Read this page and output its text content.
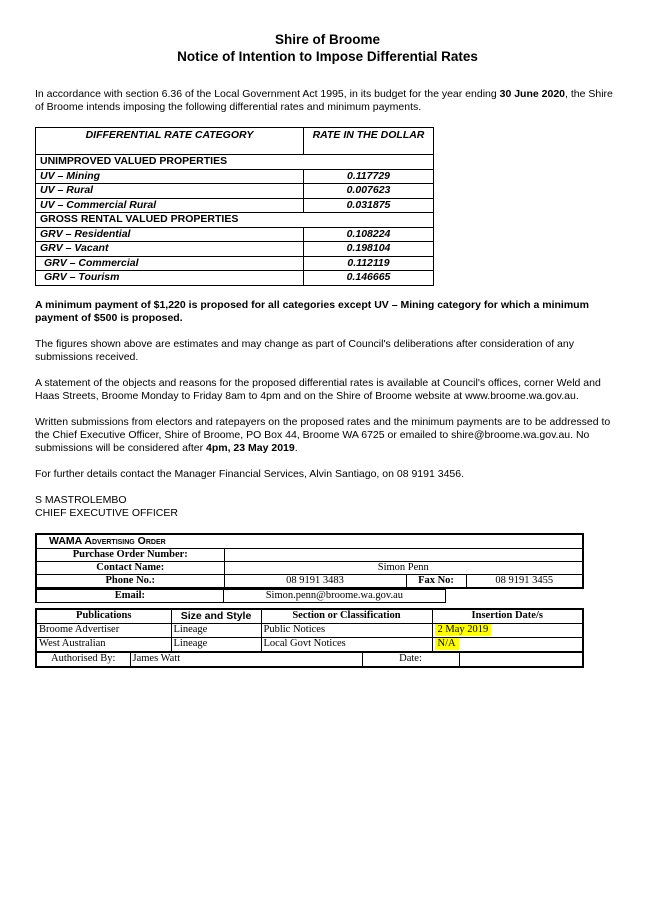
Shire of Broome
Notice of Intention to Impose Differential Rates

In accordance with section 6.36 of the Local Government Act 1995, in its budget for the year ending 30 June 2020, the Shire of Broome intends imposing the following differential rates and minimum payments.

DIFFERENTIAL RATE CATEGORY	RATE IN THE DOLLAR
UNIMPROVED VALUED PROPERTIES	
UV – Mining	0.117729
UV – Rural	0.007623
UV – Commercial Rural	0.031875
GROSS RENTAL VALUED PROPERTIES	
GRV – Residential	0.108224
GRV – Vacant	0.198104
GRV – Commercial	0.112119
GRV – Tourism	0.146665

A minimum payment of $1,220 is proposed for all categories except UV – Mining category for which a minimum payment of $500 is proposed.

The figures shown above are estimates and may change as part of Council's deliberations after consideration of any submissions received.

A statement of the objects and reasons for the proposed differential rates is available at Council's offices, corner Weld and Haas Streets, Broome Monday to Friday 8am to 4pm and on the Shire of Broome website at www.broome.wa.gov.au.

Written submissions from electors and ratepayers on the proposed rates and the minimum payments are to be addressed to the Chief Executive Officer, Shire of Broome, PO Box 44, Broome WA 6725 or emailed to shire@broome.wa.gov.au. No submissions will be considered after 4pm, 23 May 2019.

For further details contact the Manager Financial Services, Alvin Santiago, on 08 9191 3456.

S MASTROLEMBO
CHIEF EXECUTIVE OFFICER
WAMA Advertising Order			
Purchase Order Number:			
Contact Name:	Simon Penn		
Phone No.:	08 9191 3483	Fax No:	08 9191 3455
Email:	Simon.penn@broome.wa.gov.au
Publications	Size and Style	Section or Classification	Insertion Date/s
Broome Advertiser	Lineage	Public Notices	2 May 2019
West Australian	Lineage	Local Govt Notices	N/A
Authorised By:	James Watt	Date:	
